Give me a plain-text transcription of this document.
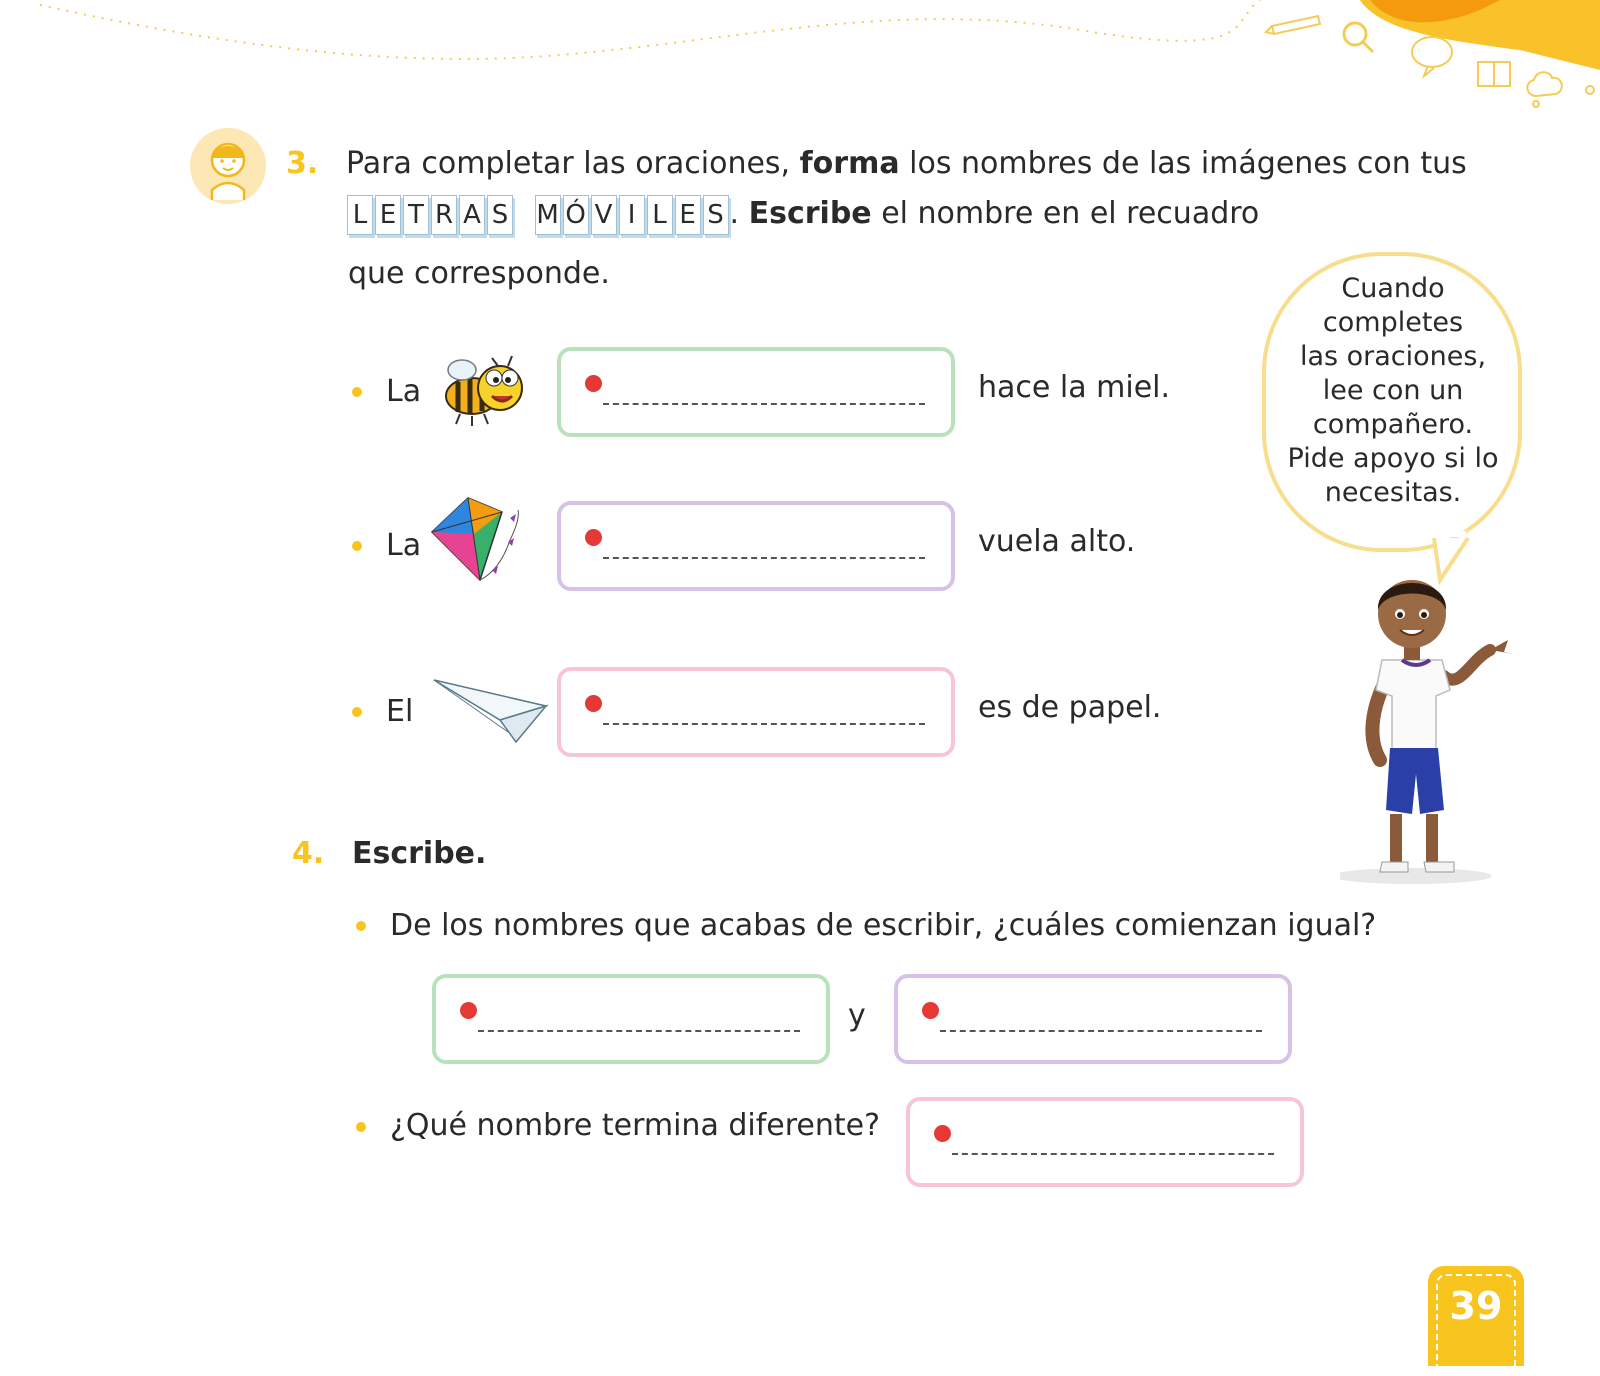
3. Para completar las oraciones, forma los nombres de las imágenes con tus
L E T R A S M Ó V I L E S . Escribe el nombre en el recuadro
que corresponde.
La	hace la miel.
La	vuela alto.
El	es de papel.
Cuando
completes
las oraciones,
lee con un
compañero.
Pide apoyo si lo
necesitas.
4. Escribe.
De los nombres que acabas de escribir, ¿cuáles comienzan igual?
y
¿Qué nombre termina diferente?
39
